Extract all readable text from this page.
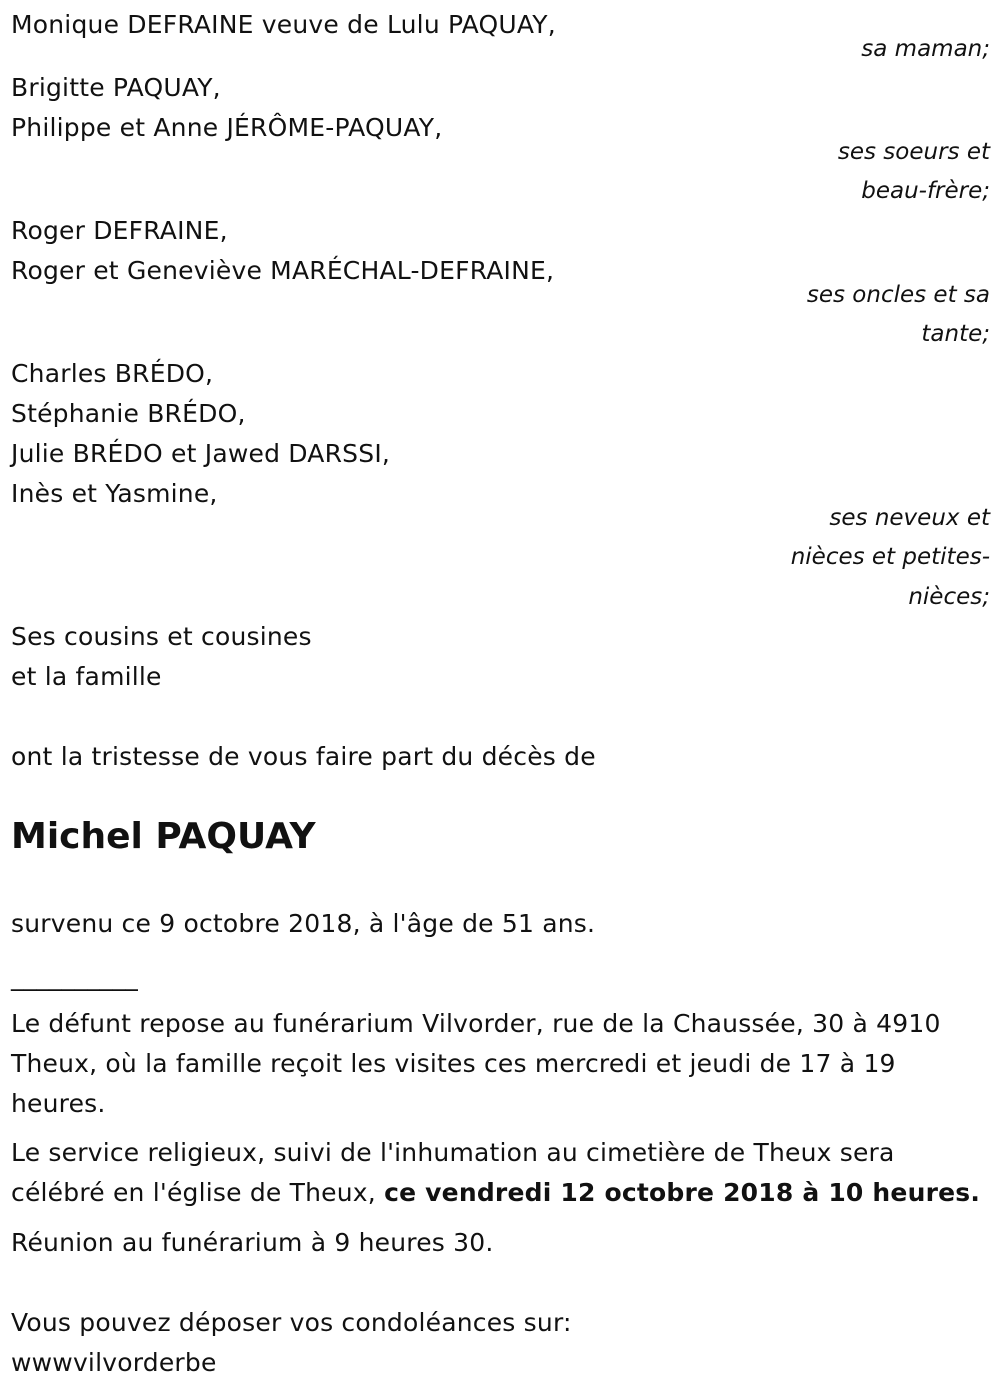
Monique DEFRAINE veuve de Lulu PAQUAY,
sa maman;
Brigitte PAQUAY,
Philippe et Anne JÉRÔME-PAQUAY,
ses soeurs et
beau-frère;
Roger DEFRAINE,
Roger et Geneviève MARÉCHAL-DEFRAINE,
ses oncles et sa
tante;
Charles BRÉDO,
Stéphanie BRÉDO,
Julie BRÉDO et Jawed DARSSI,
Inès et Yasmine,
ses neveux et
nièces et petites-
nièces;
Ses cousins et cousines
et la famille
ont la tristesse de vous faire part du décès de
Michel PAQUAY
survenu ce 9 octobre 2018, à l'âge de 51 ans.
__________
Le défunt repose au funérarium Vilvorder, rue de la Chaussée, 30 à 4910
Theux, où la famille reçoit les visites ces mercredi et jeudi de 17 à 19
heures.
Le service religieux, suivi de l'inhumation au cimetière de Theux sera
célébré en l'église de Theux, ce vendredi 12 octobre 2018 à 10 heures.
Réunion au funérarium à 9 heures 30.
Vous pouvez déposer vos condoléances sur:
wwwvilvorderbe
